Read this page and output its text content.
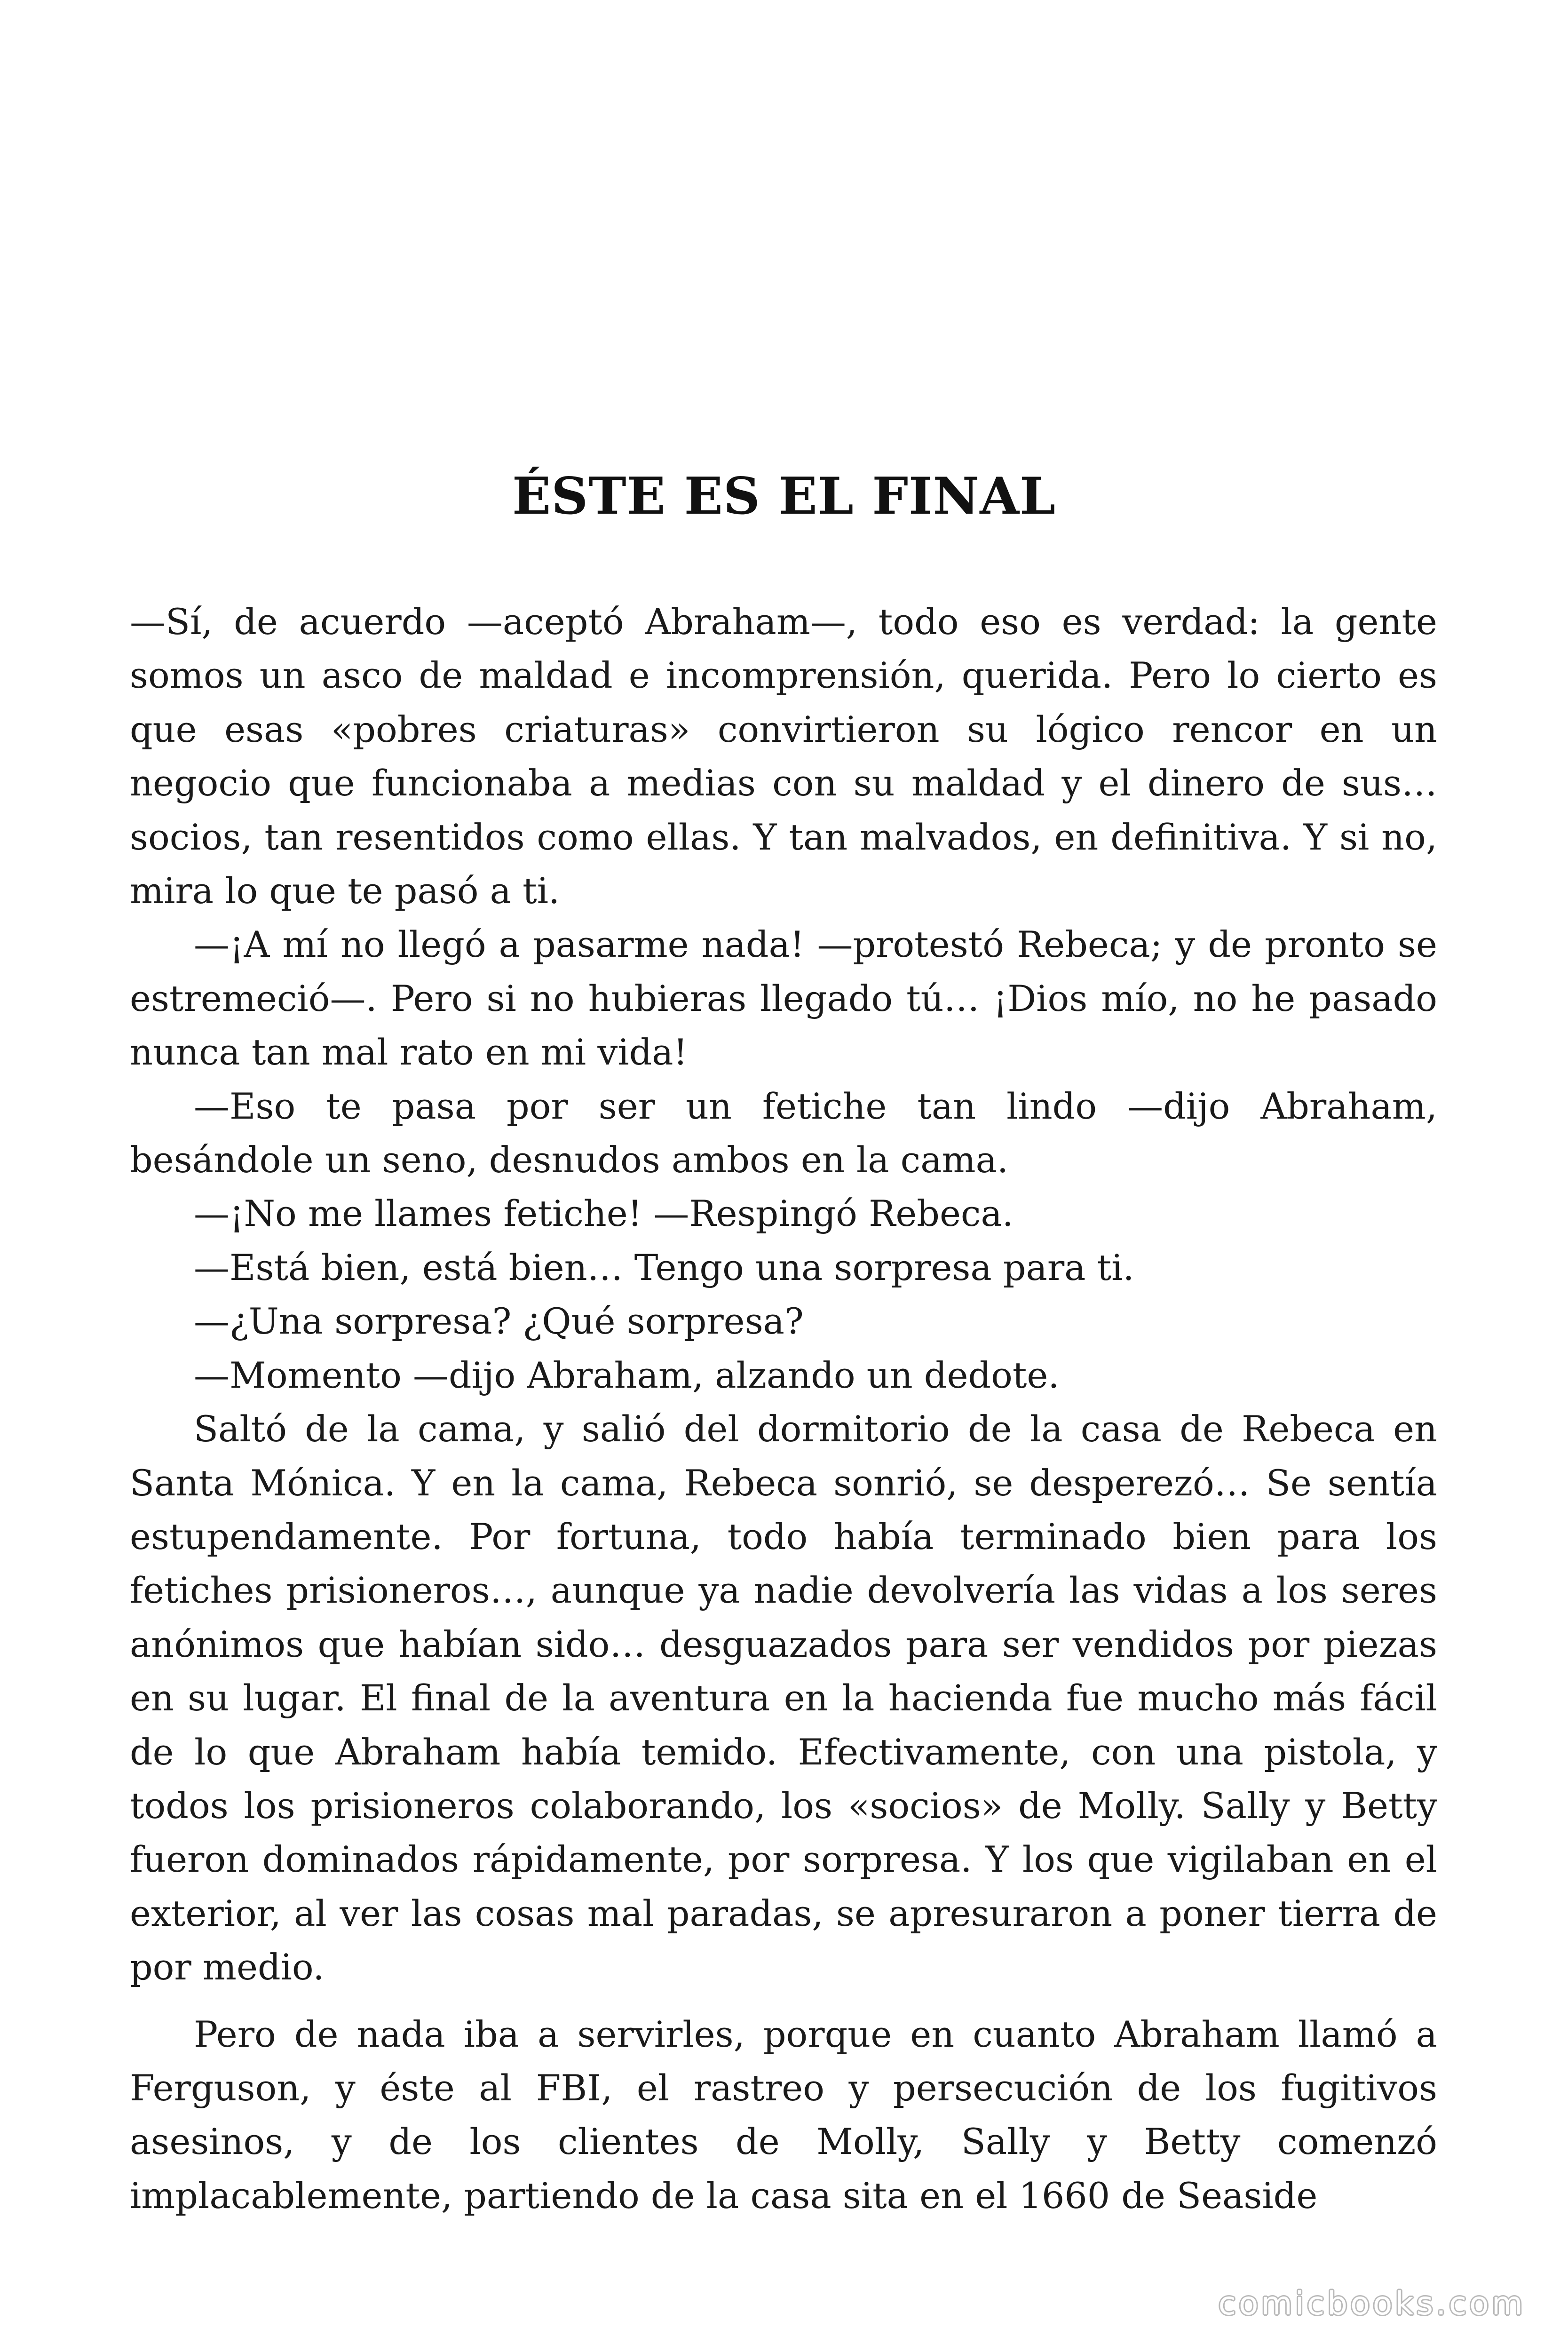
ÉSTE ES EL FINAL

—Sí, de acuerdo —aceptó Abraham—, todo eso es verdad: la gente somos un asco de maldad e incomprensión, querida. Pero lo cierto es que esas «pobres criaturas» convirtieron su lógico rencor en un negocio que funcionaba a medias con su maldad y el dinero de sus… socios, tan resentidos como ellas. Y tan malvados, en definitiva. Y si no, mira lo que te pasó a ti.

—¡A mí no llegó a pasarme nada! —protestó Rebeca; y de pronto se estremeció—. Pero si no hubieras llegado tú… ¡Dios mío, no he pasado nunca tan mal rato en mi vida!

—Eso te pasa por ser un fetiche tan lindo —dijo Abraham, besándole un seno, desnudos ambos en la cama.

—¡No me llames fetiche! —Respingó Rebeca.

—Está bien, está bien… Tengo una sorpresa para ti.

—¿Una sorpresa? ¿Qué sorpresa?

—Momento —dijo Abraham, alzando un dedote.

Saltó de la cama, y salió del dormitorio de la casa de Rebeca en Santa Mónica. Y en la cama, Rebeca sonrió, se desperezó… Se sentía estupendamente. Por fortuna, todo había terminado bien para los fetiches prisioneros…, aunque ya nadie devolvería las vidas a los seres anónimos que habían sido… desguazados para ser vendidos por piezas en su lugar. El final de la aventura en la hacienda fue mucho más fácil de lo que Abraham había temido. Efectivamente, con una pistola, y todos los prisioneros colaborando, los «socios» de Molly. Sally y Betty fueron dominados rápidamente, por sorpresa. Y los que vigilaban en el exterior, al ver las cosas mal paradas, se apresuraron a poner tierra de por medio.

Pero de nada iba a servirles, porque en cuanto Abraham llamó a Ferguson, y éste al FBI, el rastreo y persecución de los fugitivos asesinos, y de los clientes de Molly, Sally y Betty comenzó implacablemente, partiendo de la casa sita en el 1660 de Seaside

comicbooks.com
